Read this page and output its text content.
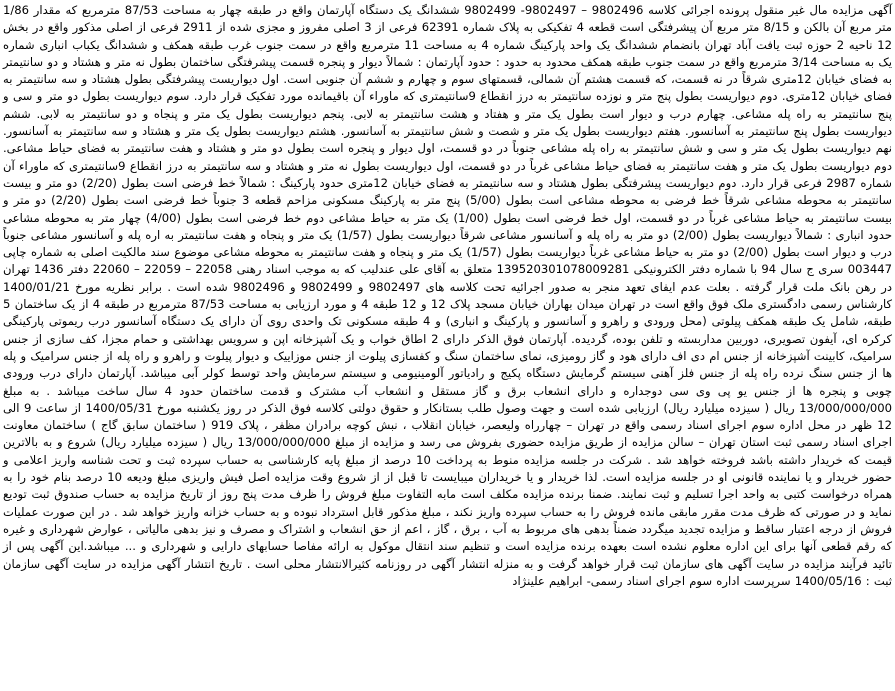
آگهی مزایده مال غیر منقول پرونده اجرائی کلاسه 9802496 – 9802497- 9802499 ششدانگ یک دستگاه آپارتمان واقع در طبقه چهار به مساحت 87/53 مترمربع که مقدار 1/86 متر مربع آن بالکن و 8/15 متر مربع آن پیشرفتگی است قطعه 4 تفکیکی به پلاک شماره 62391 فرعی از 3 اصلی مفروز و مجزی شده از 2911 فرعی از اصلی مذکور واقع در بخش 12 ناحیه 2 حوزه ثبت یافت آباد تهران بانضمام ششدانگ یک واحد پارکینگ شماره 4 به مساحت 11 مترمربع واقع در سمت جنوب غرب طبقه همکف و ششدانگ یکباب انباری شماره یک به مساحت 3/14 مترمربع واقع در سمت جنوب طبقه همکف محدود به حدود : حدود آپارتمان : شمالاً دیوار و پنجره قسمت پیشرفتگی ساختمان بطول نه متر و هشتاد و دو سانتیمتر به فضای خیابان 12متری شرقاً در نه قسمت، که قسمت هشتم آن شمالی، قسمتهای سوم و چهارم و ششم آن جنوبی است. اول دیواریست پیشرفتگی بطول هشتاد و سه سانتیمتر به فضای خیابان 12متری. دوم دیواریست بطول پنج متر و نوزده سانتیمتر به درز انقطاع 9سانتیمتری که ماوراء آن باقیمانده مورد تفکیک قرار دارد. سوم دیواریست بطول دو متر و سی و پنج سانتیمتر به راه پله مشاعی. چهارم درب و دیوار است بطول یک متر و هفتاد و هشت سانتیمتر به لابی. پنجم دیواریست بطول یک متر و پنجاه و دو سانتیمتر به لابی. ششم دیواریست بطول پنج سانتیمتر به آسانسور. هفتم دیواریست بطول یک متر و شصت و شش سانتیمتر به آسانسور. هشتم دیواریست بطول یک متر و هشتاد و سه سانتیمتر به آسانسور. نهم دیواریست بطول یک متر و سی و شش سانتیمتر به راه پله مشاعی جنوباً در دو قسمت، اول دیوار و پنجره است بطول دو متر و هشتاد و هفت سانتیمتر به فضای حیاط مشاعی. دوم دیواریست بطول یک متر و هفت سانتیمتر به فضای حیاط مشاعی غرباً در دو قسمت، اول دیواریست بطول نه متر و هشتاد و سه سانتیمتر به درز انقطاع 9سانتیمتری که ماوراء آن شماره 2987 فرعی قرار دارد. دوم دیواریست پیشرفتگی بطول هشتاد و سه سانتیمتر به فضای خیابان 12متری حدود پارکینگ : شمالاً خط فرضی است بطول (2/20) دو متر و بیست سانتیمتر به محوطه مشاعی شرقاً خط فرضی به محوطه مشاعی است بطول (5/00) پنج متر به پارکینگ مسکونی مزاحم قطعه 3 جنوباً خط فرضی است بطول (2/20) دو متر و بیست سانتیمتر به حیاط مشاعی غرباً در دو قسمت، اول خط فرضی است بطول (1/00) یک متر به حیاط مشاعی دوم خط فرضی است بطول (4/00) چهار متر به محوطه مشاعی حدود انباری : شمالاً دیواریست بطول (2/00) دو متر به راه پله و آسانسور مشاعی شرقاً دیواریست بطول (1/57) یک متر و پنجاه و هفت سانتیمتر به اره پله و آسانسور مشاعی جنوباً درب و دیوار است بطول (2/00) دو متر به حیاط مشاعی غرباً دیواریست بطول (1/57) یک متر و پنجاه و هفت سانتیمتر به محوطه مشاعی موضوع سند مالکیت اصلی به شماره چاپی 003447 سری ج سال 94 با شماره دفتر الکترونیکی 139520301078009281 متعلق به آقای علی عندلیب که به موجب اسناد رهنی 22058 – 22059 – 22060 دفتر 1436 تهران در رهن بانک ملت قرار گرفته . بعلت عدم ایفای تعهد منجر به صدور اجرائیه تحت کلاسه های 9802497 و 9802499 و 9802496 شده است . برابر نظریه مورخ 1400/01/21 کارشناس رسمی دادگستری ملک فوق واقع است در تهران میدان بهاران خیابان مسجد پلاک 12 و 12 طبقه 4 و مورد ارزیابی به مساحت 87/53 مترمربع در طبقه 4 از یک ساختمان 5 طبقه، شامل یک طبقه همکف پیلوتی (محل ورودی و راهرو و آسانسور و پارکینگ و انباری) و 4 طبقه مسکونی تک واحدی روی آن دارای یک دستگاه آسانسور درب ریموتی پارکینگی کرکره ای، آیفون تصویری، دوربین مداربسته و تلفن بوده، گردیده. آپارتمان فوق الذکر دارای 2 اطاق خواب و یک آشپزخانه اپن و سرویس بهداشتی و حمام مجزا، کف سازی از جنس سرامیک، کابینت آشپزخانه از جنس ام دی اف دارای هود و گاز رومیزی، نمای ساختمان سنگ و کفسازی پیلوت از جنس موزاییک و دیوار پیلوت و راهرو و راه پله از جنس سرامیک و پله ها از جنس سنگ نرده راه پله از جنس فلز آهنی سیستم گرمایش دستگاه پکیج و رادیاتور آلومینیومی و سیستم سرمایش واحد توسط کولر آبی میباشد. آپارتمان دارای درب ورودی چوبی و پنجره ها از جنس یو پی وی سی دوجداره و دارای انشعاب برق و گاز مستقل و انشعاب آب مشترک و قدمت ساختمان حدود 4 سال ساخت میباشد . به مبلغ 13/000/000/000 ریال ( سیزده میلیارد ریال) ارزیابی شده است و جهت وصول طلب بستانکار و حقوق دولتی کلاسه فوق الذکر در روز یکشنبه مورخ 1400/05/31 از ساعت 9 الی 12 ظهر در محل اداره سوم اجرای اسناد رسمی واقع در تهران – چهارراه ولیعصر، خیابان انقلاب ، نبش کوچه برادران مظفر ، پلاک 919 ( ساختمان سابق گاج ) ساختمان معاونت اجرای اسناد رسمی ثبت استان تهران – سالن مزایده از طریق مزایده حضوری بفروش می رسد و مزایده از مبلغ 13/000/000/000 ریال ( سیزده میلیارد ریال) شروع و به بالاترین قیمت که خریدار داشته باشد فروخته خواهد شد . شرکت در جلسه مزایده منوط به پرداخت 10 درصد از مبلغ پایه کارشناسی به حساب سپرده ثبت و تحت شناسه واریز اعلامی و حضور خریدار و یا نماینده قانونی او در جلسه مزایده است. لذا خریدار و یا خریداران میبایست تا قبل از از شروع وقت مزایده اصل فیش واریزی مبلغ ودیعه 10 درصد بنام خود را به همراه درخواست کتبی به واحد اجرا تسلیم و ثبت نمایند. ضمنا برنده مزایده مکلف است مابه التفاوت مبلغ فروش را ظرف مدت پنج روز از تاریخ مزایده به حساب صندوق ثبت تودیع نماید و در صورتی که ظرف مدت مقرر مابقی مانده فروش را به حساب سپرده واریز نکند ، مبلغ مذکور قابل استرداد نبوده و به حساب خزانه واریز خواهد شد . در این صورت عملیات فروش از درجه اعتبار ساقط و مزایده تجدید میگردد ضمناً بدهی های مربوط به آب ، برق ، گاز ، اعم از حق انشعاب و اشتراک و مصرف و نیز بدهی مالیاتی ، عوارض شهرداری و غیره که رقم قطعی آنها برای این اداره معلوم نشده است بعهده برنده مزایده است و تنظیم سند انتقال موکول به ارائه مفاصا حسابهای دارایی و شهرداری و ... میباشد.این آگهی پس از تائید فرآیند مزایده در سایت آگهی های سازمان ثبت قرار خواهد گرفت و به منزله انتشار آگهی در روزنامه کثیرالانتشار محلی است . تاریخ انتشار آگهی مزایده در سایت آگهی سازمان ثبت : 1400/05/16 سرپرست اداره سوم اجرای اسناد رسمی- ابراهیم علینژاد
